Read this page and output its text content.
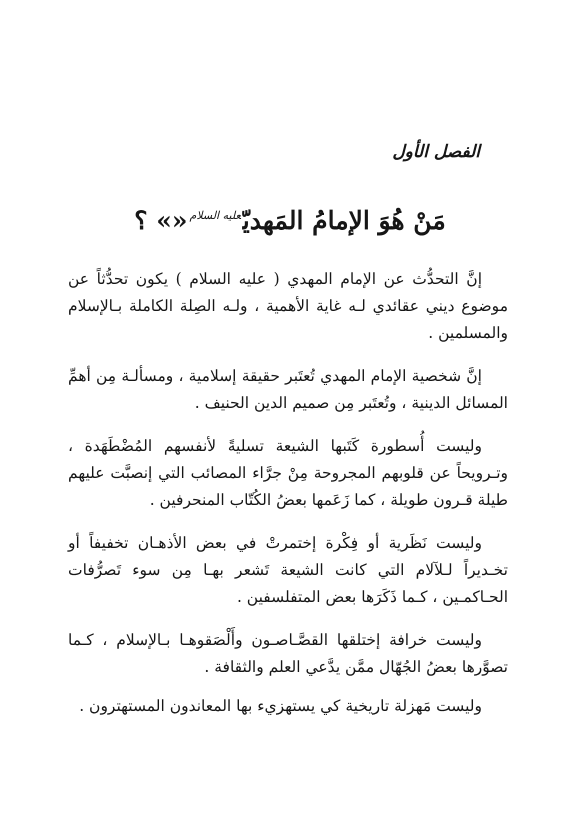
الفصل الأول
مَنْ هُوَ الإمامُ المَهديّ$^{عليه السلام}$«» ؟

إنَّ التحدُّث عن الإمام المهدي ( عليه السلام ) يكون تحدُّثاً عن موضوع ديني عقائدي لـه غاية الأهمية ، ولـه الصِلة الكاملة بـالإسلام والمسلمين .

إنَّ شخصية الإمام المهدي تُعتَبر حقيقة إسلامية ، ومسألـة مِن أهمِّ المسائل الدينية ، وتُعتَبر مِن صميم الدين الحنيف .

وليست أُسطورة كَتَبها الشيعة تسليةً لأنفسهم المُضْطَهَدة ، وتـرويحاً عن قلوبهم المجروحة مِنْ جرَّاء المصائب التي إنصبَّت عليهم طيلة قـرون طويلة ، كما زَعَمها بعضُ الكُتّاب المنحرفين .

وليست نَظَرية أو فِكْرة إختمرتْ في بعض الأذهـان تخفيفاً أو تخـديراً لـلآلام التي كانت الشيعة تَشعر بهـا مِن سوء تَصرُّفات الحـاكمـين ، كـما ذَكَرَها بعض المتفلسفين .

وليست خرافة إختلقها القصَّـاصـون وأَلْصَقوهـا بـالإسلام ، كـما تصوَّرها بعضُ الجُهّال ممَّن يدَّعي العلم والثقافة .

وليست مَهزلة تاريخية كي يستهزيء بها المعاندون المستهترون .
